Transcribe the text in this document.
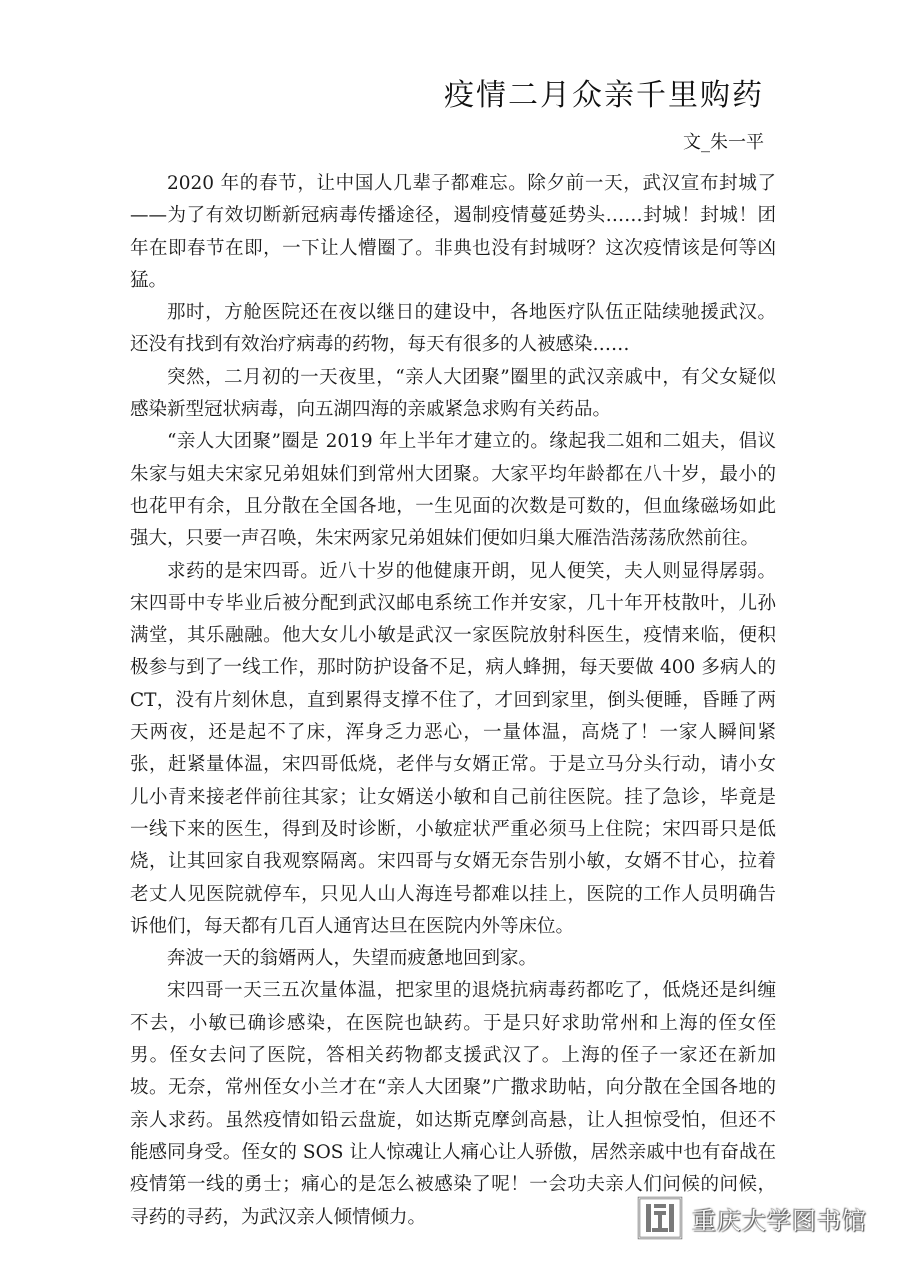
疫情二月众亲千里购药

文_朱一平

2020 年的春节，让中国人几辈子都难忘。除夕前一天，武汉宣布封城了——为了有效切断新冠病毒传播途径，遏制疫情蔓延势头……封城！封城！团年在即春节在即，一下让人懵圈了。非典也没有封城呀？这次疫情该是何等凶猛。

那时，方舱医院还在夜以继日的建设中，各地医疗队伍正陆续驰援武汉。还没有找到有效治疗病毒的药物，每天有很多的人被感染……

突然，二月初的一天夜里，“亲人大团聚”圈里的武汉亲戚中，有父女疑似感染新型冠状病毒，向五湖四海的亲戚紧急求购有关药品。

“亲人大团聚”圈是 2019 年上半年才建立的。缘起我二姐和二姐夫，倡议朱家与姐夫宋家兄弟姐妹们到常州大团聚。大家平均年龄都在八十岁，最小的也花甲有余，且分散在全国各地，一生见面的次数是可数的，但血缘磁场如此强大，只要一声召唤，朱宋两家兄弟姐妹们便如归巢大雁浩浩荡荡欣然前往。

求药的是宋四哥。近八十岁的他健康开朗，见人便笑，夫人则显得孱弱。宋四哥中专毕业后被分配到武汉邮电系统工作并安家，几十年开枝散叶，儿孙满堂，其乐融融。他大女儿小敏是武汉一家医院放射科医生，疫情来临，便积极参与到了一线工作，那时防护设备不足，病人蜂拥，每天要做 400 多病人的 CT，没有片刻休息，直到累得支撑不住了，才回到家里，倒头便睡，昏睡了两天两夜，还是起不了床，浑身乏力恶心，一量体温，高烧了！一家人瞬间紧张，赶紧量体温，宋四哥低烧，老伴与女婿正常。于是立马分头行动，请小女儿小青来接老伴前往其家；让女婿送小敏和自己前往医院。挂了急诊，毕竟是一线下来的医生，得到及时诊断，小敏症状严重必须马上住院；宋四哥只是低烧，让其回家自我观察隔离。宋四哥与女婿无奈告别小敏，女婿不甘心，拉着老丈人见医院就停车，只见人山人海连号都难以挂上，医院的工作人员明确告诉他们，每天都有几百人通宵达旦在医院内外等床位。

奔波一天的翁婿两人，失望而疲惫地回到家。

宋四哥一天三五次量体温，把家里的退烧抗病毒药都吃了，低烧还是纠缠不去，小敏已确诊感染，在医院也缺药。于是只好求助常州和上海的侄女侄男。侄女去问了医院，答相关药物都支援武汉了。上海的侄子一家还在新加坡。无奈，常州侄女小兰才在“亲人大团聚”广撒求助帖，向分散在全国各地的亲人求药。虽然疫情如铅云盘旋，如达斯克摩剑高悬，让人担惊受怕，但还不能感同身受。侄女的 SOS 让人惊魂让人痛心让人骄傲，居然亲戚中也有奋战在疫情第一线的勇士；痛心的是怎么被感染了呢！一会功夫亲人们问候的问候，寻药的寻药，为武汉亲人倾情倾力。	重庆大学图书馆
